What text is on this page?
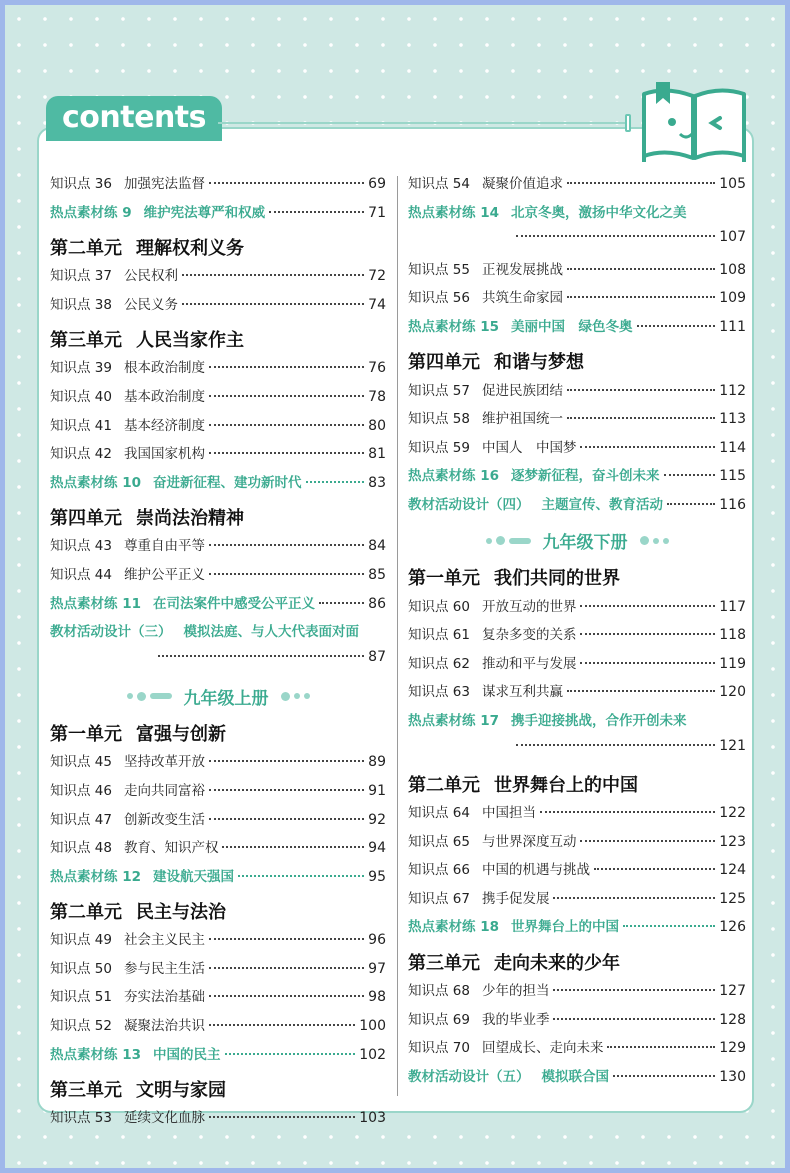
contents
知识点 36 加强宪法监督	69
热点素材练 9 维护宪法尊严和权威	71
第二单元 理解权利义务
知识点 37 公民权利	72
知识点 38 公民义务	74
第三单元 人民当家作主
知识点 39 根本政治制度	76
知识点 40 基本政治制度	78
知识点 41 基本经济制度	80
知识点 42 我国国家机构	81
热点素材练 10 奋进新征程、建功新时代	83
第四单元 崇尚法治精神
知识点 43 尊重自由平等	84
知识点 44 维护公平正义	85
热点素材练 11 在司法案件中感受公平正义	86
教材活动设计（三） 模拟法庭、与人大代表面对面
87
九年级上册
第一单元 富强与创新
知识点 45 坚持改革开放	89
知识点 46 走向共同富裕	91
知识点 47 创新改变生活	92
知识点 48 教育、知识产权	94
热点素材练 12 建设航天强国	95
第二单元 民主与法治
知识点 49 社会主义民主	96
知识点 50 参与民主生活	97
知识点 51 夯实法治基础	98
知识点 52 凝聚法治共识	100
热点素材练 13 中国的民主	102
第三单元 文明与家园
知识点 53 延续文化血脉	103
知识点 54 凝聚价值追求	105
热点素材练 14 北京冬奥，激扬中华文化之美
107
知识点 55 正视发展挑战	108
知识点 56 共筑生命家园	109
热点素材练 15 美丽中国　绿色冬奥	111
第四单元 和谐与梦想
知识点 57 促进民族团结	112
知识点 58 维护祖国统一	113
知识点 59 中国人　中国梦	114
热点素材练 16 逐梦新征程，奋斗创未来	115
教材活动设计（四） 主题宣传、教育活动	116
九年级下册
第一单元 我们共同的世界
知识点 60 开放互动的世界	117
知识点 61 复杂多变的关系	118
知识点 62 推动和平与发展	119
知识点 63 谋求互利共赢	120
热点素材练 17 携手迎接挑战，合作开创未来
121
第二单元 世界舞台上的中国
知识点 64 中国担当	122
知识点 65 与世界深度互动	123
知识点 66 中国的机遇与挑战	124
知识点 67 携手促发展	125
热点素材练 18 世界舞台上的中国	126
第三单元 走向未来的少年
知识点 68 少年的担当	127
知识点 69 我的毕业季	128
知识点 70 回望成长、走向未来	129
教材活动设计（五） 模拟联合国	130
